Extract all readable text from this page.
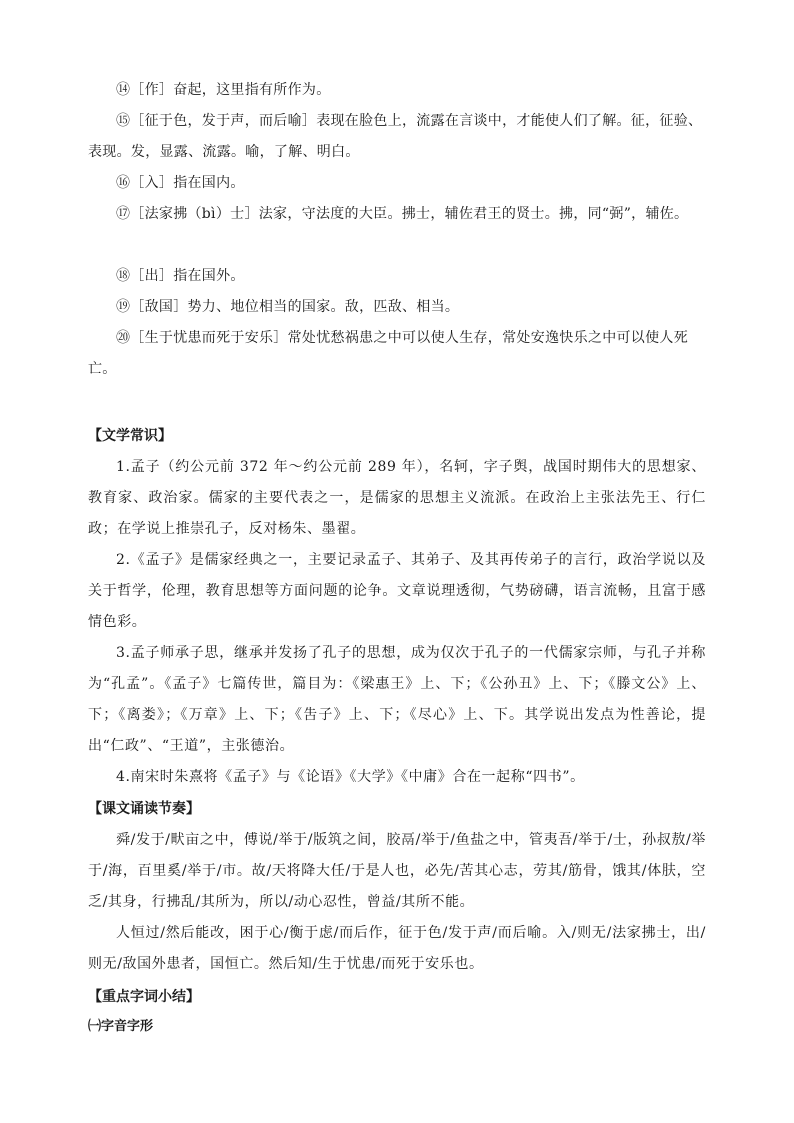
⑭［作］奋起，这里指有所作为。

⑮［征于色，发于声，而后喻］表现在脸色上，流露在言谈中，才能使人们了解。征，征验、表现。发，显露、流露。喻，了解、明白。

⑯［入］指在国内。

⑰［法家拂（bì）士］法家，守法度的大臣。拂士，辅佐君王的贤士。拂，同“弼”，辅佐。

⑱［出］指在国外。

⑲［敌国］势力、地位相当的国家。敌，匹敌、相当。

⑳［生于忧患而死于安乐］常处忧愁祸患之中可以使人生存，常处安逸快乐之中可以使人死亡。

【文学常识】

1.孟子（约公元前 372 年～约公元前 289 年），名轲，字子舆，战国时期伟大的思想家、教育家、政治家。儒家的主要代表之一，是儒家的思想主义流派。在政治上主张法先王、行仁政；在学说上推崇孔子，反对杨朱、墨翟。

2.《孟子》是儒家经典之一，主要记录孟子、其弟子、及其再传弟子的言行，政治学说以及关于哲学，伦理，教育思想等方面问题的论争。文章说理透彻，气势磅礴，语言流畅，且富于感情色彩。

3.孟子师承子思，继承并发扬了孔子的思想，成为仅次于孔子的一代儒家宗师，与孔子并称为“孔孟”。《孟子》七篇传世，篇目为：《梁惠王》上、下；《公孙丑》上、下；《滕文公》上、下；《离娄》；《万章》上、下；《吿子》上、下；《尽心》上、下。其学说出发点为性善论，提出“仁政”、“王道”，主张德治。

4.南宋时朱熹将《孟子》与《论语》《大学》《中庸》合在一起称“四书”。

【课文诵读节奏】

舜/发于/畎亩之中，傅说/举于/版筑之间，胶鬲/举于/鱼盐之中，管夷吾/举于/士，孙叔敖/举于/海，百里奚/举于/市。故/天将降大任/于是人也，必先/苦其心志，劳其/筋骨，饿其/体肤，空乏/其身，行拂乱/其所为，所以/动心忍性，曾益/其所不能。

人恒过/然后能改，困于心/衡于虑/而后作，征于色/发于声/而后喻。入/则无/法家拂士，出/则无/敌国外患者，国恒亡。然后知/生于忧患/而死于安乐也。

【重点字词小结】

㈠字音字形
